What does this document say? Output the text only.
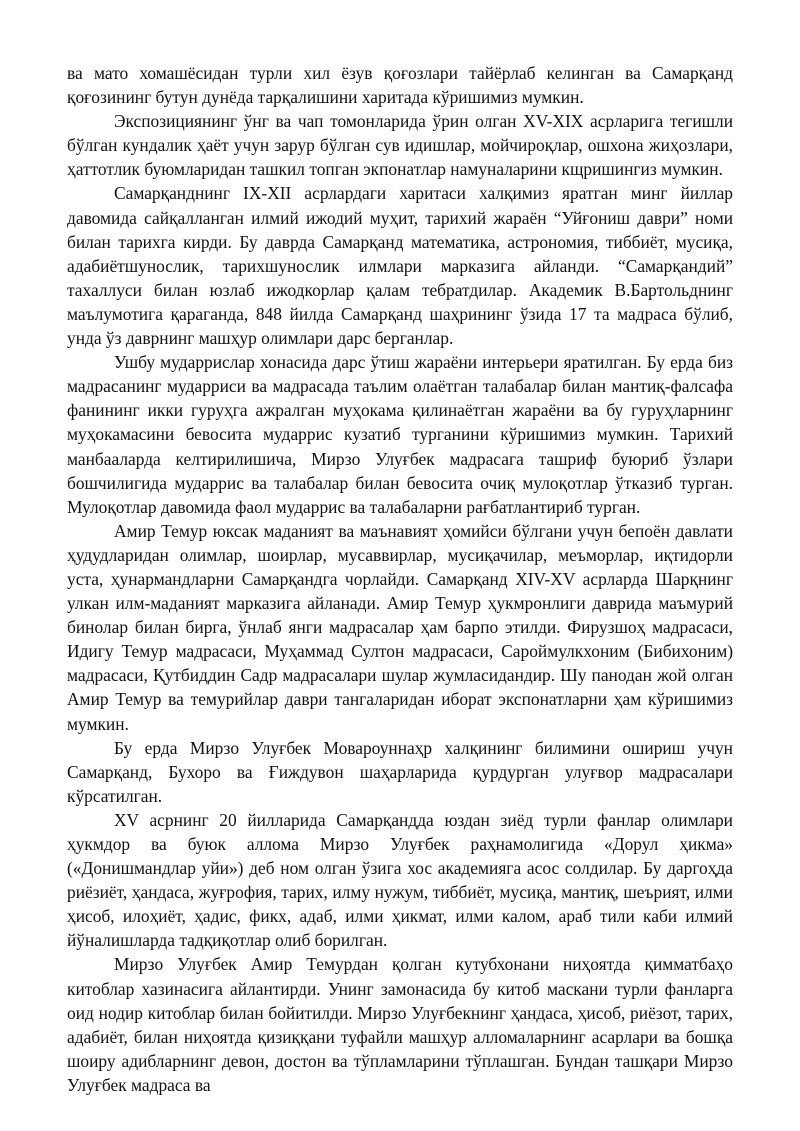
ва мато хомашёсидан турли хил ёзув қоғозлари тайёрлаб келинган ва Самарқанд қоғозининг бутун дунёда тарқалишини харитада кўришимиз мумкин.

Экспозициянинг ўнг ва чап томонларида ўрин олган XV-XIX асрларига тегишли бўлган кундалик ҳаёт учун зарур бўлган сув идишлар, мойчироқлар, ошхона жиҳозлари, ҳаттотлик буюмларидан ташкил топган экпонатлар намуналарини кщришингиз мумкин.

Самарқанднинг IX-XII асрлардаги харитаси халқимиз яратган минг йиллар давомида сайқалланган илмий ижодий муҳит, тарихий жараён “Уйғониш даври” номи билан тарихга кирди. Бу даврда Самарқанд математика, астрономия, тиббиёт, мусиқа, адабиётшунослик, тарихшунослик илмлари марказига айланди. “Самарқандий” тахаллуси билан юзлаб ижодкорлар қалам тебратдилар. Академик В.Бартольднинг маълумотига қараганда, 848 йилда Самарқанд шаҳрининг ўзида 17 та мадраса бўлиб, унда ўз даврнинг машҳур олимлари дарс берганлар.

Ушбу мударрислар хонасида дарс ўтиш жараёни интерьери яратилган. Бу ерда биз мадрасанинг мударриси ва мадрасада таълим олаётган талабалар билан мантиқ-фалсафа фанининг икки гуруҳга ажралган муҳокама қилинаётган жараёни ва бу гуруҳларнинг муҳокамасини бевосита мударрис кузатиб турганини кўришимиз мумкин. Тарихий манбааларда келтирилишича, Мирзо Улуғбек мадрасага ташриф буюриб ўзлари бошчилигида мударрис ва талабалар билан бевосита очиқ мулоқотлар ўтказиб турган. Мулоқотлар давомида фаол мударрис ва талабаларни рағбатлантириб турган.

Амир Темур юксак маданият ва маънавият ҳомийси бўлгани учун бепоён давлати ҳудудларидан олимлар, шоирлар, мусаввирлар, мусиқачилар, меъморлар, иқтидорли уста, ҳунармандларни Самарқандга чорлайди. Самарқанд XIV-XV асрларда Шарқнинг улкан илм-маданият марказига айланади. Амир Темур ҳукмронлиги даврида маъмурий бинолар билан бирга, ўнлаб янги мадрасалар ҳам барпо этилди. Фирузшоҳ мадрасаси, Идигу Темур мадрасаси, Муҳаммад Султон мадрасаси, Сароймулкхоним (Бибихоним) мадрасаси, Қутбиддин Садр мадрасалари шулар жумласидандир. Шу панодан жой олган Амир Темур ва темурийлар даври тангаларидан иборат экспонатларни ҳам кўришимиз мумкин.

Бу ерда Мирзо Улуғбек Мовароуннаҳр халқининг билимини ошириш учун Самарқанд, Бухоро ва Ғиждувон шаҳарларида қурдурган улуғвор мадрасалари кўрсатилган.

XV асрнинг 20 йилларида Самарқандда юздан зиёд турли фанлар олимлари ҳукмдор ва буюк аллома Мирзо Улуғбек раҳнамолигида «Дорул ҳикма» («Донишмандлар уйи») деб ном олган ўзига хос академияга асос солдилар. Бу даргоҳда риёзиёт, ҳандаса, жуғрофия, тарих, илму нужум, тиббиёт, мусиқа, мантиқ, шеърият, илми ҳисоб, илоҳиёт, ҳадис, фикх, адаб, илми ҳикмат, илми калом, араб тили каби илмий йўналишларда тадқиқотлар олиб борилган.

Мирзо Улуғбек Амир Темурдан қолган кутубхонани ниҳоятда қимматбаҳо китоблар хазинасига айлантирди. Унинг замонасида бу китоб маскани турли фанларга оид нодир китоблар билан бойитилди. Мирзо Улуғбекнинг ҳандаса, ҳисоб, риёзот, тарих, адабиёт, билан ниҳоятда қизиққани туфайли машҳур алломаларнинг асарлари ва бошқа шоиру адибларнинг девон, достон ва тўпламларини тўплашган. Бундан ташқари Мирзо Улуғбек мадраса ва
